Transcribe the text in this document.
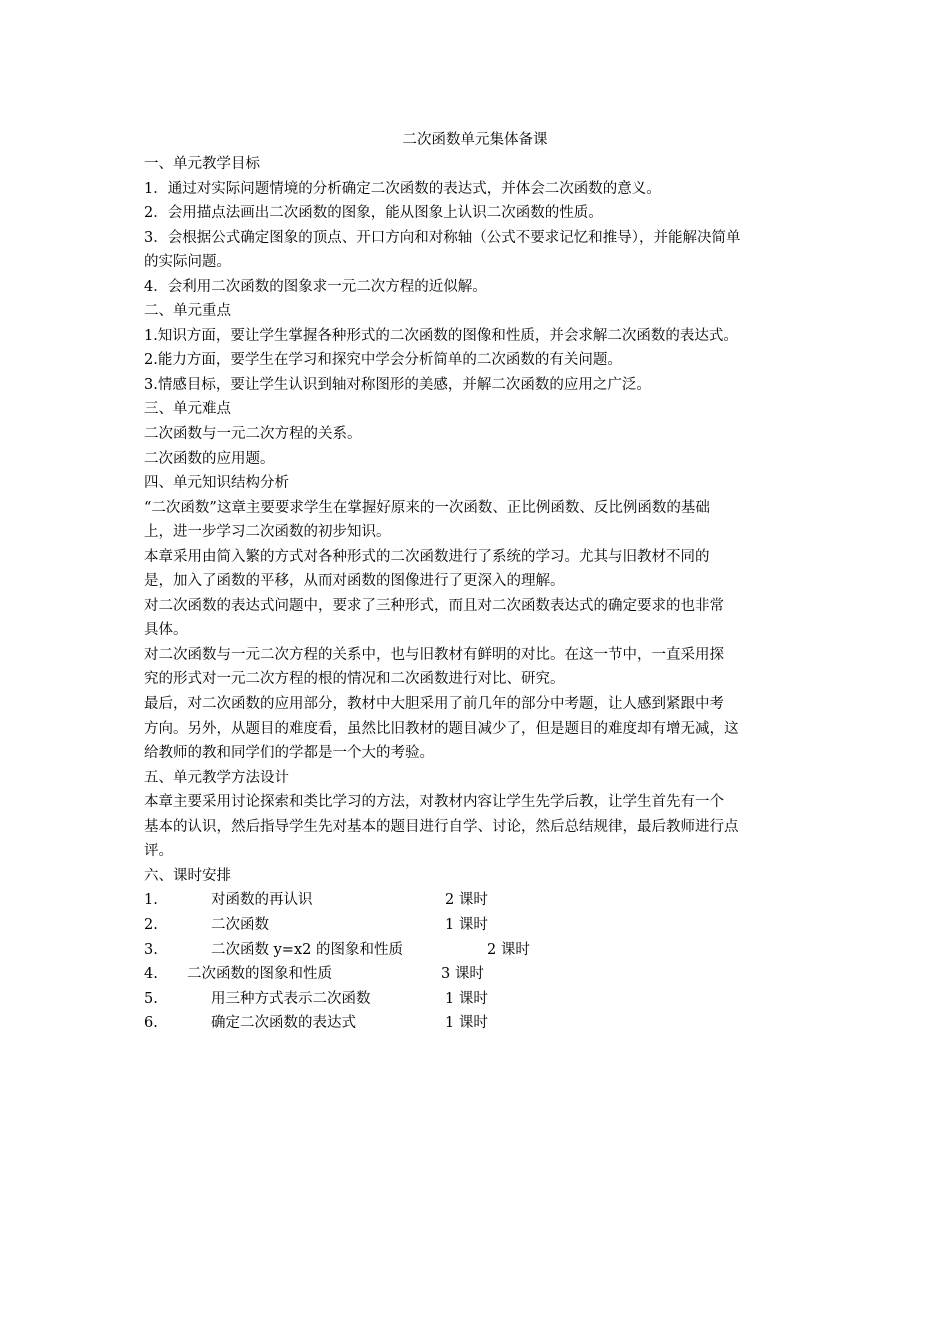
二次函数单元集体备课
一、单元教学目标
1．通过对实际问题情境的分析确定二次函数的表达式，并体会二次函数的意义。
2．会用描点法画出二次函数的图象，能从图象上认识二次函数的性质。
3．会根据公式确定图象的顶点、开口方向和对称轴（公式不要求记忆和推导），并能解决简单
的实际问题。
4．会利用二次函数的图象求一元二次方程的近似解。
二、单元重点
1.知识方面，要让学生掌握各种形式的二次函数的图像和性质，并会求解二次函数的表达式。
2.能力方面，要学生在学习和探究中学会分析简单的二次函数的有关问题。
3.情感目标，要让学生认识到轴对称图形的美感，并解二次函数的应用之广泛。
三、单元难点
二次函数与一元二次方程的关系。
二次函数的应用题。
四、单元知识结构分析
“二次函数”这章主要要求学生在掌握好原来的一次函数、正比例函数、反比例函数的基础
上，进一步学习二次函数的初步知识。
本章采用由简入繁的方式对各种形式的二次函数进行了系统的学习。尤其与旧教材不同的
是，加入了函数的平移，从而对函数的图像进行了更深入的理解。
对二次函数的表达式问题中，要求了三种形式，而且对二次函数表达式的确定要求的也非常
具体。
对二次函数与一元二次方程的关系中，也与旧教材有鲜明的对比。在这一节中，一直采用探
究的形式对一元二次方程的根的情况和二次函数进行对比、研究。
最后，对二次函数的应用部分，教材中大胆采用了前几年的部分中考题，让人感到紧跟中考
方向。另外，从题目的难度看，虽然比旧教材的题目减少了，但是题目的难度却有增无减，这
给教师的教和同学们的学都是一个大的考验。
五、单元教学方法设计
本章主要采用讨论探索和类比学习的方法，对教材内容让学生先学后教，让学生首先有一个
基本的认识，然后指导学生先对基本的题目进行自学、讨论，然后总结规律，最后教师进行点
评。
六、课时安排
1.	对函数的再认识	2 课时
2.	二次函数	1 课时
3.	二次函数 y=x2 的图象和性质	2 课时
4. 二次函数的图象和性质	3 课时
5.	用三种方式表示二次函数	1 课时
6.	确定二次函数的表达式	1 课时
